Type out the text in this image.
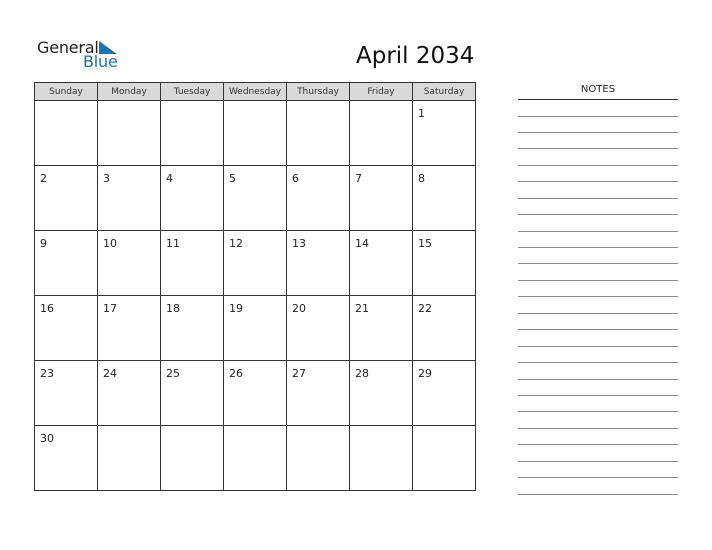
General
Blue	April 2034
Sunday	Monday	Tuesday	Wednesday	Thursday	Friday	Saturday

						1

2	3	4	5	6	7	8

9	10	11	12	13	14	15

16	17	18	19	20	21	22

23	24	25	26	27	28	29

30						

NOTES
